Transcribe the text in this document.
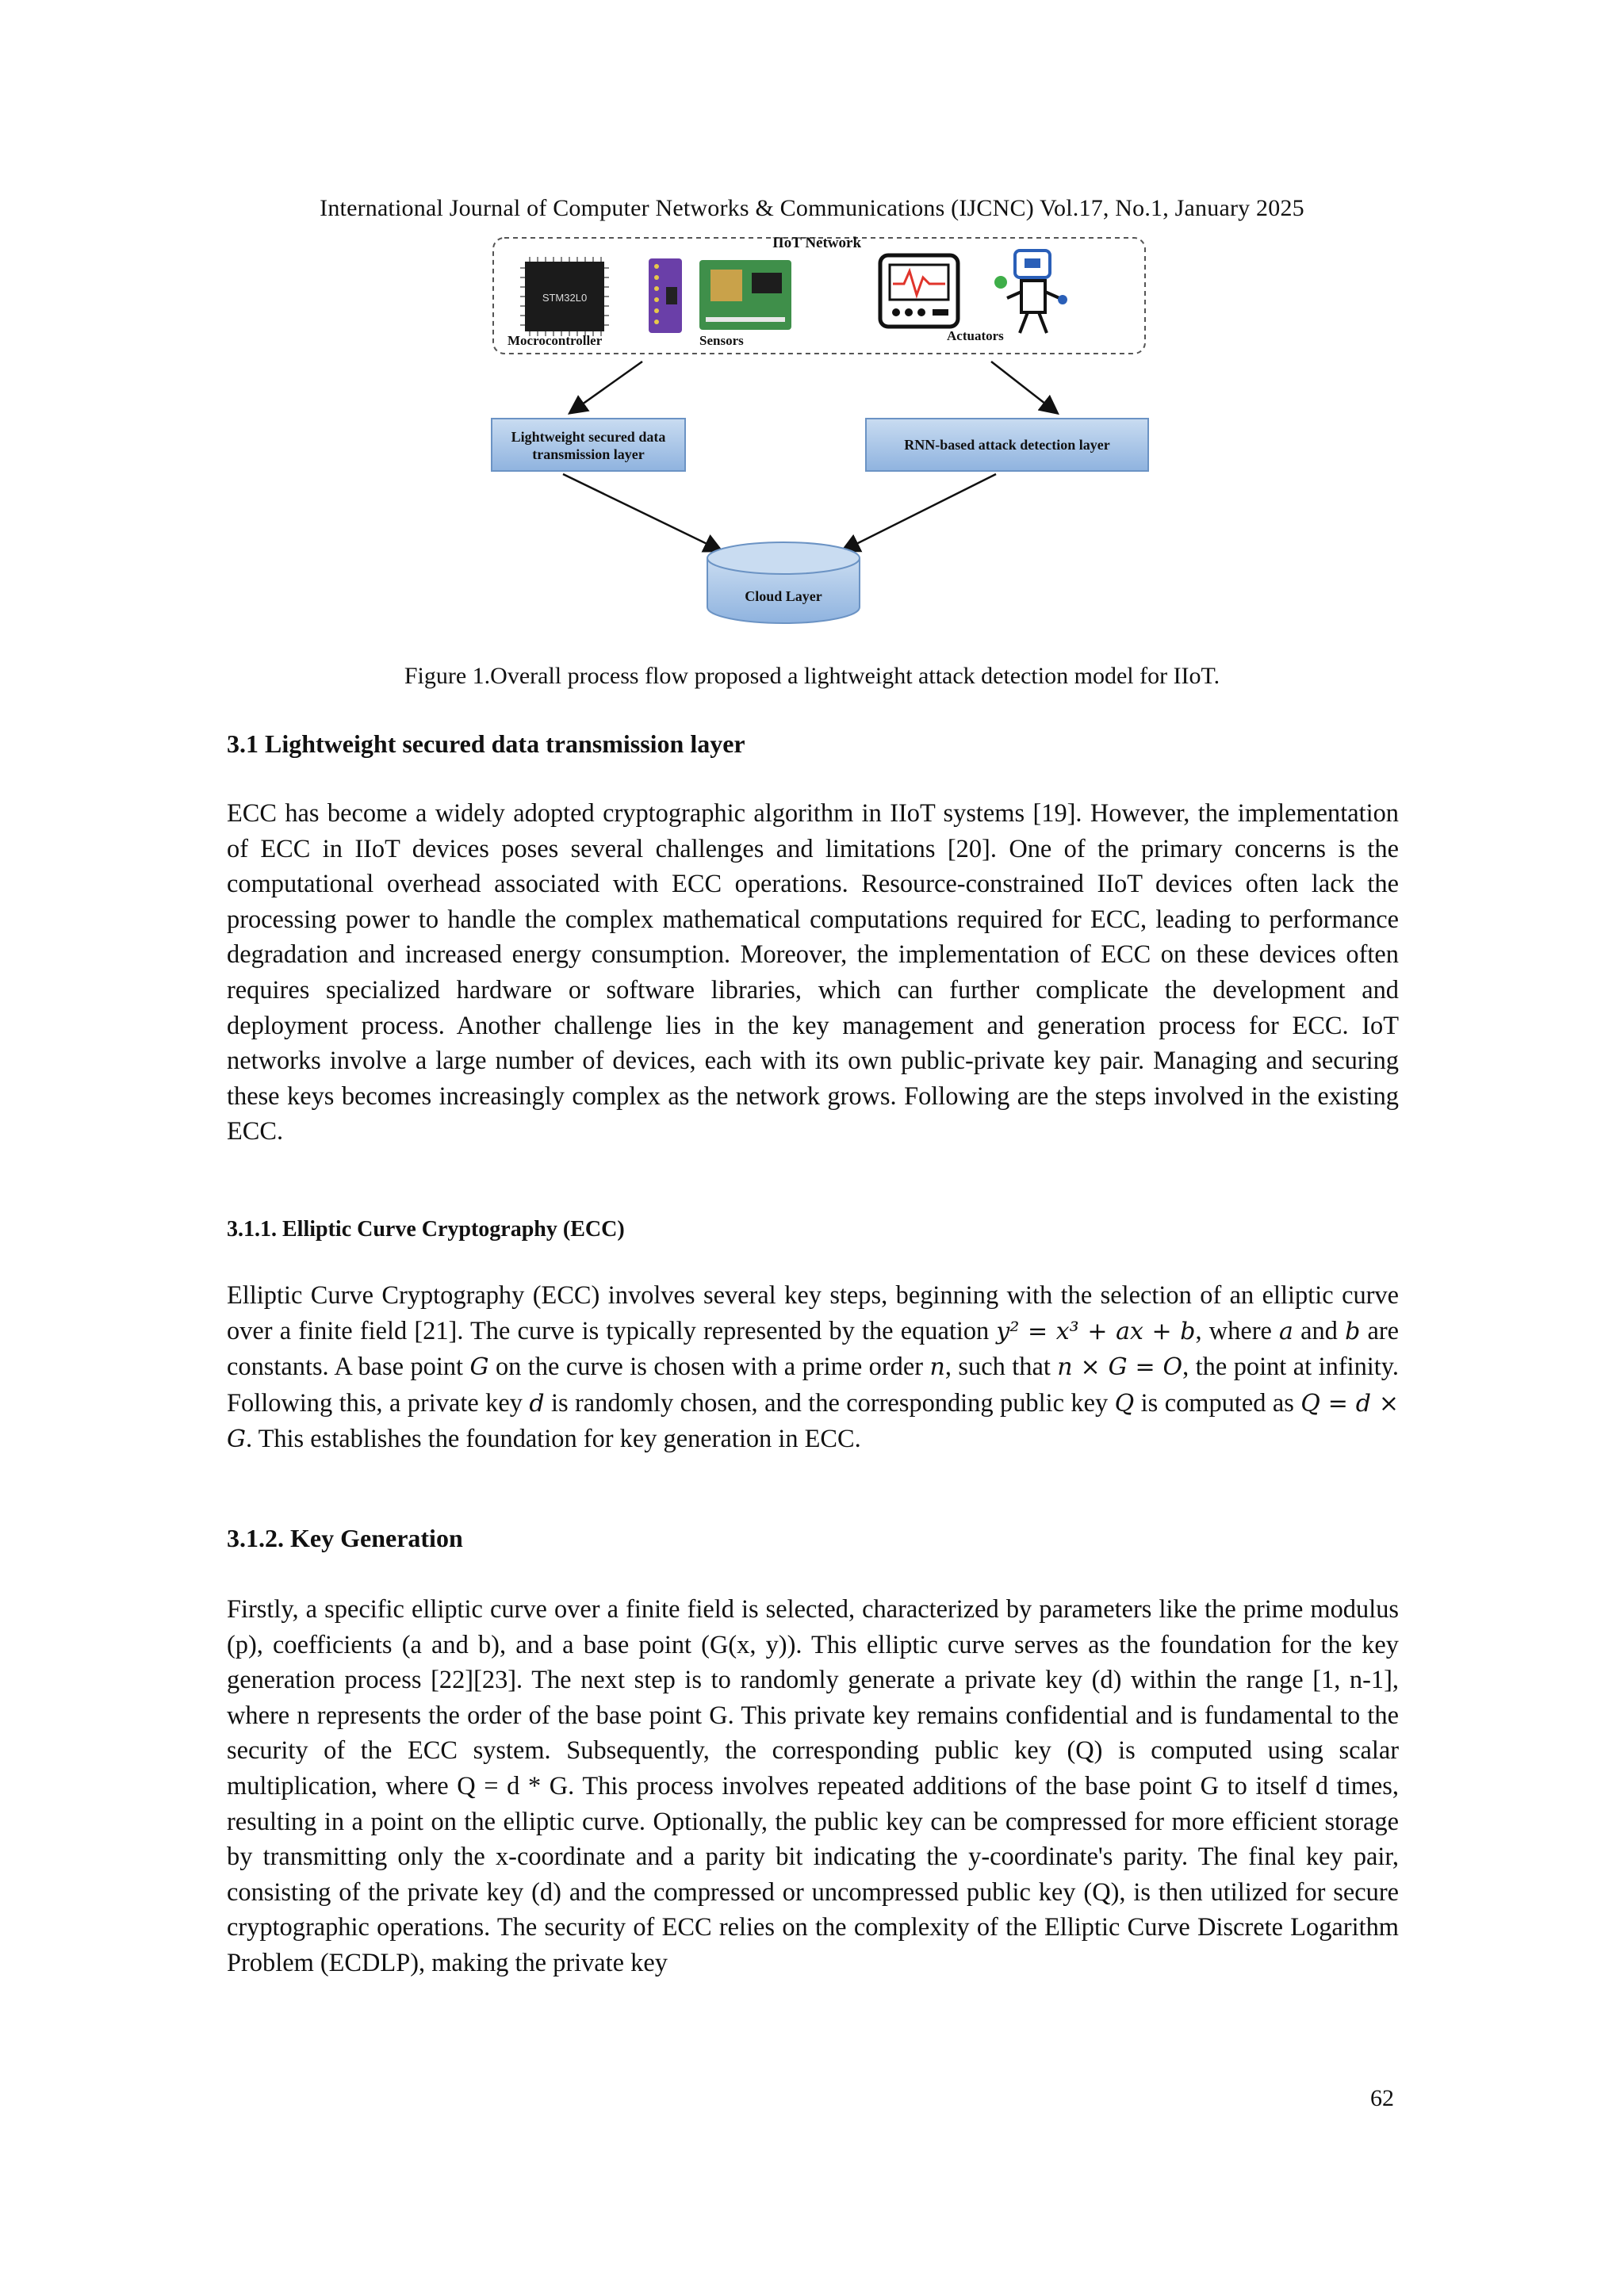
International Journal of Computer Networks & Communications (IJCNC) Vol.17, No.1, January 2025
STM32L0
IIoT Network
Mocrocontroller	Sensors	Actuators
Lightweight secured data
transmission layer
RNN-based attack detection layer
Cloud Layer
Figure 1.Overall process flow proposed a lightweight attack detection model for IIoT.
3.1 Lightweight secured data transmission layer

ECC has become a widely adopted cryptographic algorithm in IIoT systems [19]. However, the implementation of ECC in IIoT devices poses several challenges and limitations [20]. One of the primary concerns is the computational overhead associated with ECC operations. Resource-constrained IIoT devices often lack the processing power to handle the complex mathematical computations required for ECC, leading to performance degradation and increased energy consumption. Moreover, the implementation of ECC on these devices often requires specialized hardware or software libraries, which can further complicate the development and deployment process. Another challenge lies in the key management and generation process for ECC. IoT networks involve a large number of devices, each with its own public-private key pair. Managing and securing these keys becomes increasingly complex as the network grows. Following are the steps involved in the existing ECC.

3.1.1. Elliptic Curve Cryptography (ECC)

Elliptic Curve Cryptography (ECC) involves several key steps, beginning with the selection of an elliptic curve over a finite field [21]. The curve is typically represented by the equation y² = x³ + ax + b, where a and b are constants. A base point G on the curve is chosen with a prime order n, such that n × G = O, the point at infinity. Following this, a private key d is randomly chosen, and the corresponding public key Q is computed as Q = d × G. This establishes the foundation for key generation in ECC.

3.1.2. Key Generation

Firstly, a specific elliptic curve over a finite field is selected, characterized by parameters like the prime modulus (p), coefficients (a and b), and a base point (G(x, y)). This elliptic curve serves as the foundation for the key generation process [22][23]. The next step is to randomly generate a private key (d) within the range [1, n-1], where n represents the order of the base point G. This private key remains confidential and is fundamental to the security of the ECC system. Subsequently, the corresponding public key (Q) is computed using scalar multiplication, where Q = d * G. This process involves repeated additions of the base point G to itself d times, resulting in a point on the elliptic curve. Optionally, the public key can be compressed for more efficient storage by transmitting only the x-coordinate and a parity bit indicating the y-coordinate's parity. The final key pair, consisting of the private key (d) and the compressed or uncompressed public key (Q), is then utilized for secure cryptographic operations. The security of ECC relies on the complexity of the Elliptic Curve Discrete Logarithm Problem (ECDLP), making the private key

62
